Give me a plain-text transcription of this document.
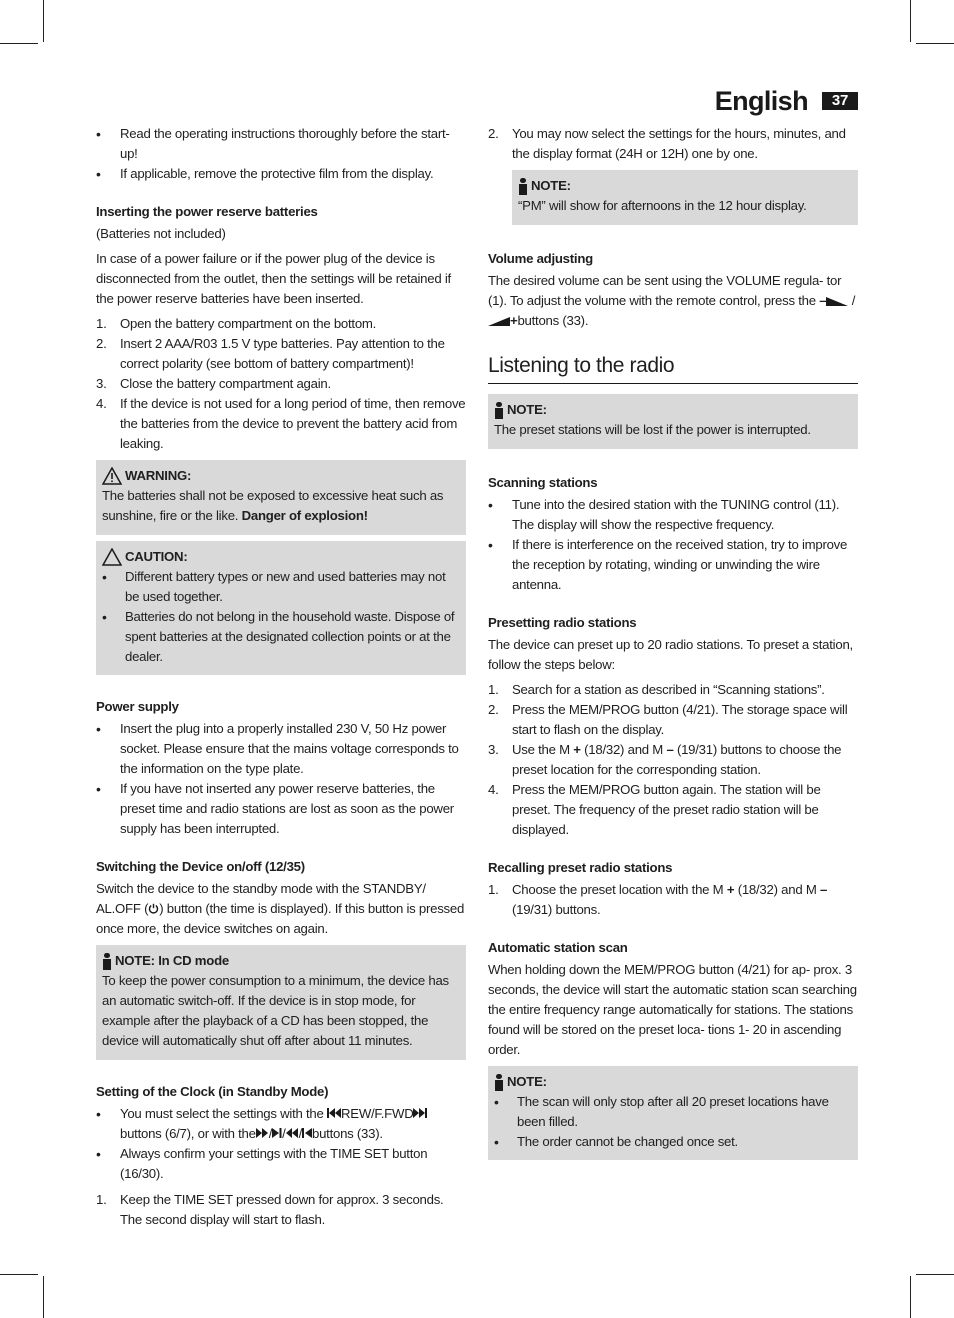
English	37
• Read the operating instructions thoroughly before the start-up!
• If applicable, remove the protective film from the display.
Inserting the power reserve batteries

(Batteries not included)

In case of a power failure or if the power plug of the device is disconnected from the outlet, then the settings will be retained if the power reserve batteries have been inserted.

1. Open the battery compartment on the bottom.
2. Insert 2 AAA/R03 1.5 V type batteries. Pay attention to the correct polarity (see bottom of battery compartment)!
3. Close the battery compartment again.
4. If the device is not used for a long period of time, then remove the batteries from the device to prevent the battery acid from leaking.
WARNING:

The batteries shall not be exposed to excessive heat such as sunshine, fire or the like. Danger of explosion!

CAUTION:
• Different battery types or new and used batteries may not be used together.
• Batteries do not belong in the household waste. Dispose of spent batteries at the designated collection points or at the dealer.
Power supply
• Insert the plug into a properly installed 230 V, 50 Hz power socket. Please ensure that the mains voltage corresponds to the information on the type plate.
• If you have not inserted any power reserve batteries, the preset time and radio stations are lost as soon as the power supply has been interrupted.
Switching the Device on/off (12/35)

Switch the device to the standby mode with the STANDBY/ AL.OFF ( ) button (the time is displayed). If this button is pressed once more, the device switches on again.

NOTE: In CD mode

To keep the power consumption to a minimum, the device has an automatic switch-off. If the device is in stop mode, for example after the playback of a CD has been stopped, the device will automatically shut off after about 11 minutes.

Setting of the Clock (in Standby Mode)
• You must select the settings with the REW/F.FWD buttons (6/7), or with the / / / buttons (33).
• Always confirm your settings with the TIME SET button (16/30).
1. Keep the TIME SET pressed down for approx. 3 seconds. The second display will start to flash.
2. You may now select the settings for the hours, minutes, and the display format (24H or 12H) one by one.
NOTE:

“PM” will show for afternoons in the 12 hour display.

Volume adjusting

The desired volume can be sent using the VOLUME regula- tor (1). To adjust the volume with the remote control, press the – / +buttons (33).

Listening to the radio
NOTE:

The preset stations will be lost if the power is interrupted.

Scanning stations
• Tune into the desired station with the TUNING control (11). The display will show the respective frequency.
• If there is interference on the received station, try to improve the reception by rotating, winding or unwinding the wire antenna.
Presetting radio stations

The device can preset up to 20 radio stations. To preset a station, follow the steps below:

1. Search for a station as described in “Scanning stations”.
2. Press the MEM/PROG button (4/21). The storage space will start to flash on the display.
3. Use the M + (18/32) and M – (19/31) buttons to choose the preset location for the corresponding station.
4. Press the MEM/PROG button again. The station will be preset. The frequency of the preset radio station will be displayed.
Recalling preset radio stations
1. Choose the preset location with the M + (18/32) and M – (19/31) buttons.
Automatic station scan

When holding down the MEM/PROG button (4/21) for ap- prox. 3 seconds, the device will start the automatic station scan searching the entire frequency range automatically for stations. The stations found will be stored on the preset loca- tions 1- 20 in ascending order.

NOTE:
• The scan will only stop after all 20 preset locations have been filled.
• The order cannot be changed once set.
